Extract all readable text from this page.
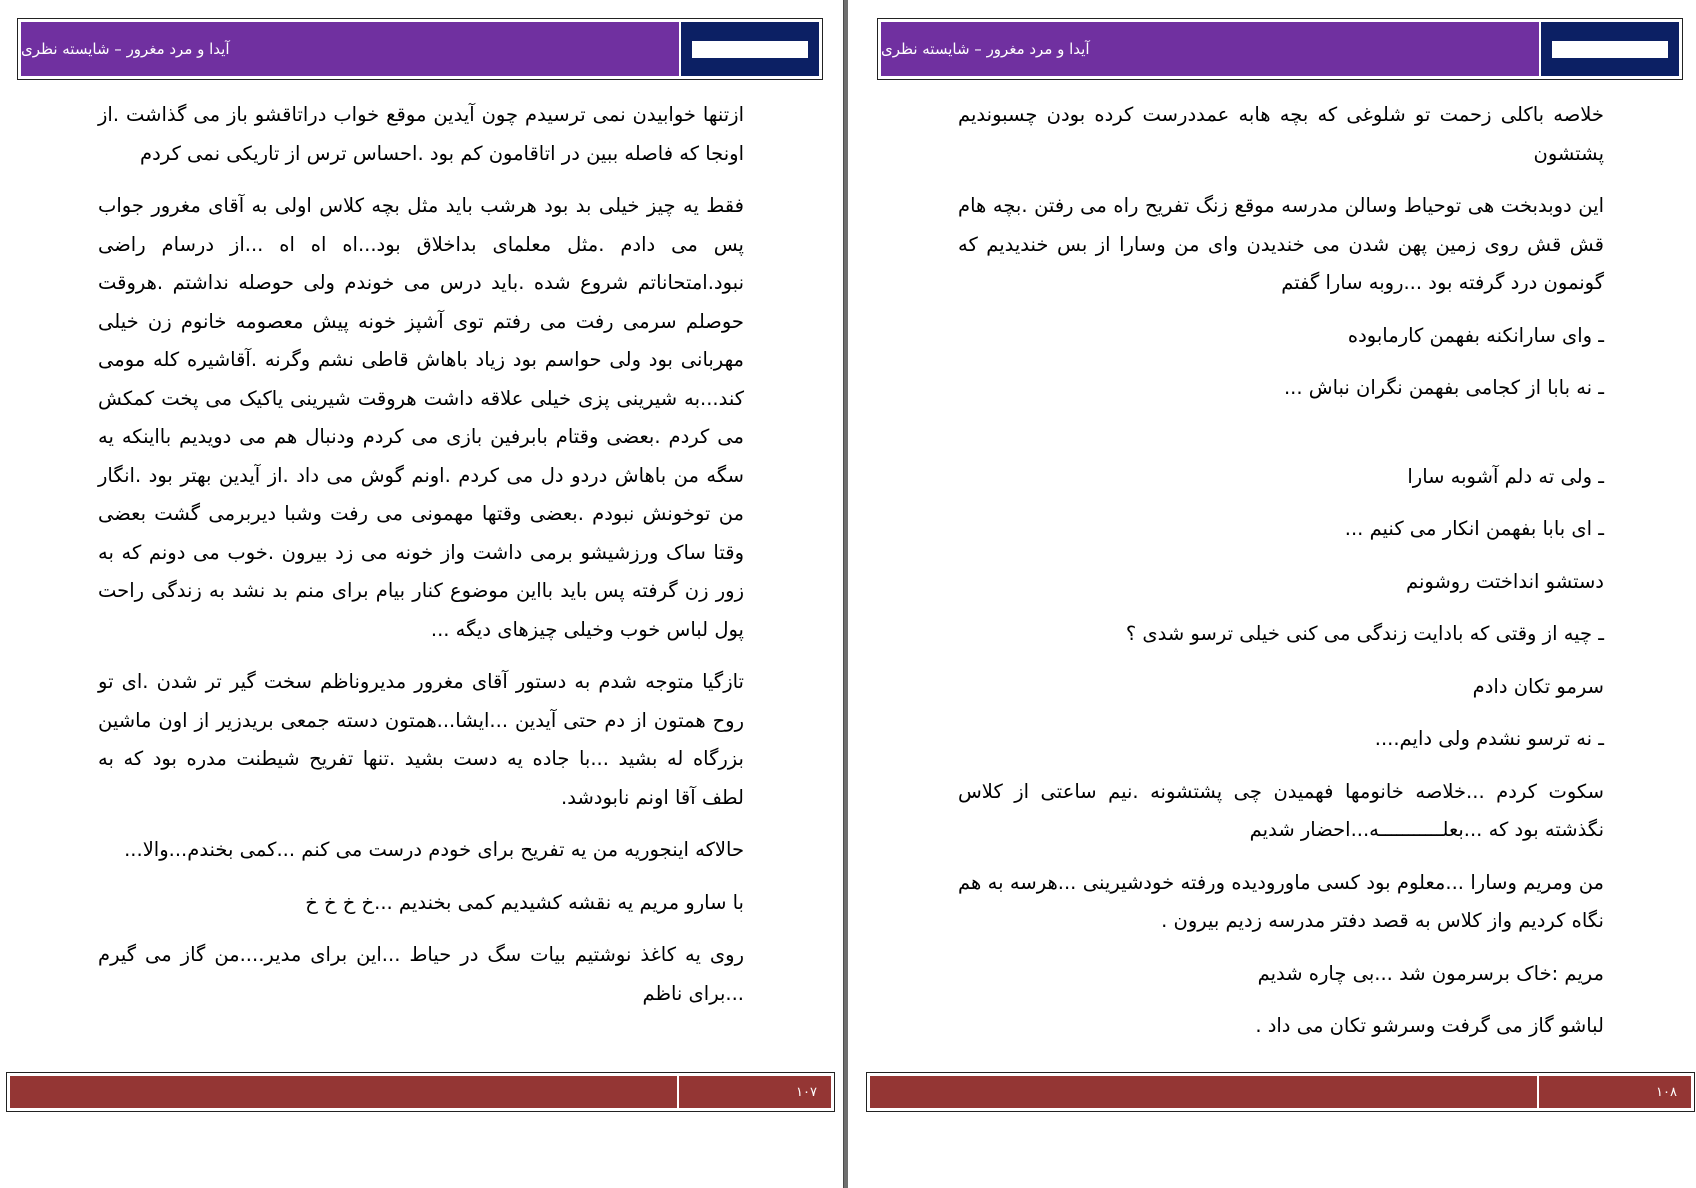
آیدا و مرد مغرور – شایسته نظری

ازتنها خوابیدن نمی ترسیدم چون آیدین موقع خواب دراتاقشو باز می گذاشت .از اونجا که فاصله ببین در اتاقامون کم بود .احساس ترس از تاریکی نمی کردم

فقط یه چیز خیلی بد بود هرشب باید مثل بچه کلاس اولی به آقای مغرور جواب پس می دادم .مثل معلمای بداخلاق بود...اه اه اه ...از درسام راضی نبود.امتحاناتم شروع شده .باید درس می خوندم ولی حوصله نداشتم .هروقت حوصلم سرمی رفت می رفتم توی آشپز خونه پیش معصومه خانوم زن خیلی مهربانی بود ولی حواسم بود زیاد باهاش قاطی نشم وگرنه .آقاشیره کله مومی کند...به شیرینی پزی خیلی علاقه داشت هروقت شیرینی یاکیک می پخت کمکش می کردم .بعضی وقتام بابرفین بازی می کردم ودنبال هم می دویدیم بااینکه یه سگه من باهاش دردو دل می کردم .اونم گوش می داد .از آیدین بهتر بود .انگار من توخونش نبودم .بعضی وقتها مهمونی می رفت وشبا دیربرمی گشت بعضی وقتا ساک ورزشیشو برمی داشت واز خونه می زد بیرون .خوب می دونم که به زور زن گرفته پس باید بااین موضوع کنار بیام برای منم بد نشد به زندگی راحت پول لباس خوب وخیلی چیزهای دیگه ...

تازگیا متوجه شدم به دستور آقای مغرور مدیروناظم سخت گیر تر شدن .ای تو روح همتون از دم حتی آیدین ...ایشا...همتون دسته جمعی بریدزیر از اون ماشین بزرگاه له بشید ...با جاده یه دست بشید .تنها تفریح شیطنت مدره بود که به لطف آقا اونم نابودشد.

حالاکه اینجوریه من یه تفریح برای خودم درست می کنم ...کمی بخندم...والا...

با سارو مریم یه نقشه کشیدیم کمی بخندیم ...خ خ خ خ

روی یه کاغذ نوشتیم بیات سگ در حیاط ...این برای مدیر....من گاز می گیرم ...برای ناظم

۱۰۷
آیدا و مرد مغرور – شایسته نظری

خلاصه باکلی زحمت تو شلوغی که بچه هابه عمددرست کرده بودن چسبوندیم پشتشون

این دوبدبخت هی توحیاط وسالن مدرسه موقع زنگ تفریح راه می رفتن .بچه هام قش قش روی زمین پهن شدن می خندیدن وای من وسارا از بس خندیدیم که گونمون درد گرفته بود ...روبه سارا گفتم

ـ وای سارانکنه بفهمن کارمابوده

ـ نه بابا از کجامی بفهمن نگران نباش ...

ـ ولی ته دلم آشوبه سارا

ـ ای بابا بفهمن انکار می کنیم ...

دستشو انداختت روشونم

ـ چیه از وقتی که بادایت زندگی می کنی خیلی ترسو شدی ؟

سرمو تکان دادم

ـ نه ترسو نشدم ولی دایم....

سکوت کردم ...خلاصه خانومها فهمیدن چی پشتشونه .نیم ساعتی از کلاس نگذشته بود که ...بعلـــــــــــه...احضار شدیم

من ومریم وسارا ...معلوم بود کسی ماورودیده ورفته خودشیرینی ...هرسه به هم نگاه کردیم واز کلاس به قصد دفتر مدرسه زدیم بیرون .

مریم :خاک برسرمون شد ...بی چاره شدیم

لباشو گاز می گرفت وسرشو تکان می داد .

۱۰۸
